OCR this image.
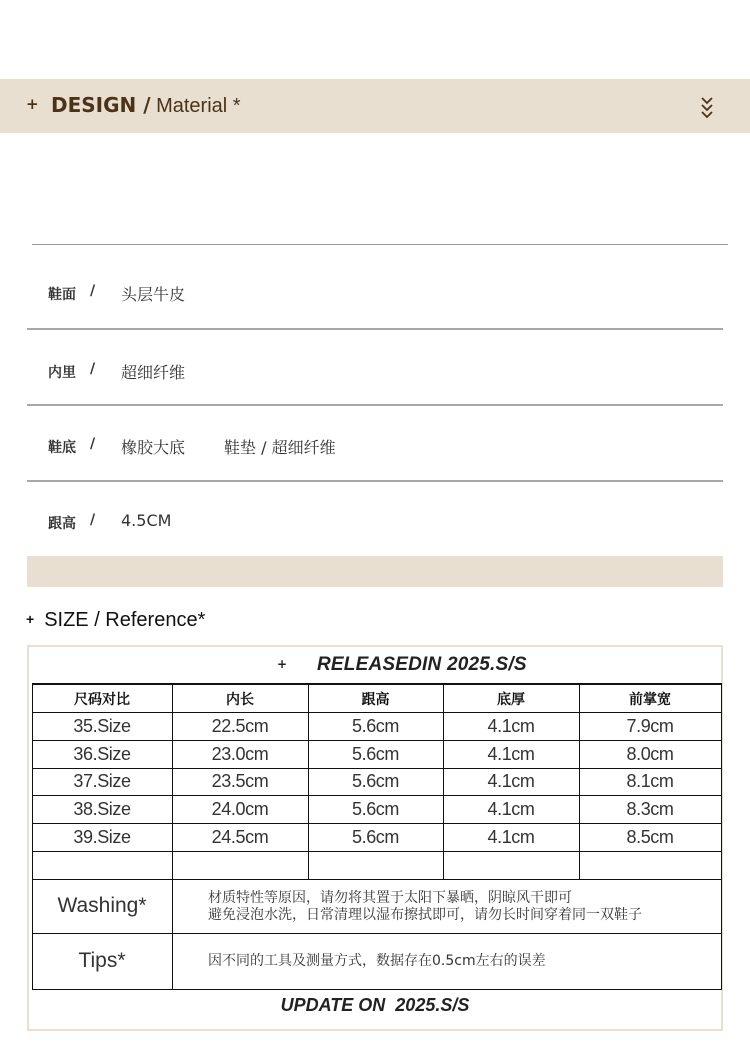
+ DESIGN / Material *
鞋面 / 头层牛皮
内里 / 超细纤维
鞋底 / 橡胶大底 鞋垫 / 超细纤维
跟高 / 4.5CM
+ SIZE / Reference*
+ RELEASEDIN 2025.S/S
尺码对比	内长	跟高	底厚	前掌宽
35.Size	22.5cm	5.6cm	4.1cm	7.9cm
36.Size	23.0cm	5.6cm	4.1cm	8.0cm
37.Size	23.5cm	5.6cm	4.1cm	8.1cm
38.Size	24.0cm	5.6cm	4.1cm	8.3cm
39.Size	24.5cm	5.6cm	4.1cm	8.5cm
Washing*	材质特性等原因，请勿将其置于太阳下暴晒，阴晾风干即可
避免浸泡水洗，日常清理以湿布擦拭即可，请勿长时间穿着同一双鞋子
Tips*	因不同的工具及测量方式，数据存在0.5cm左右的误差
UPDATE ON  2025.S/S
